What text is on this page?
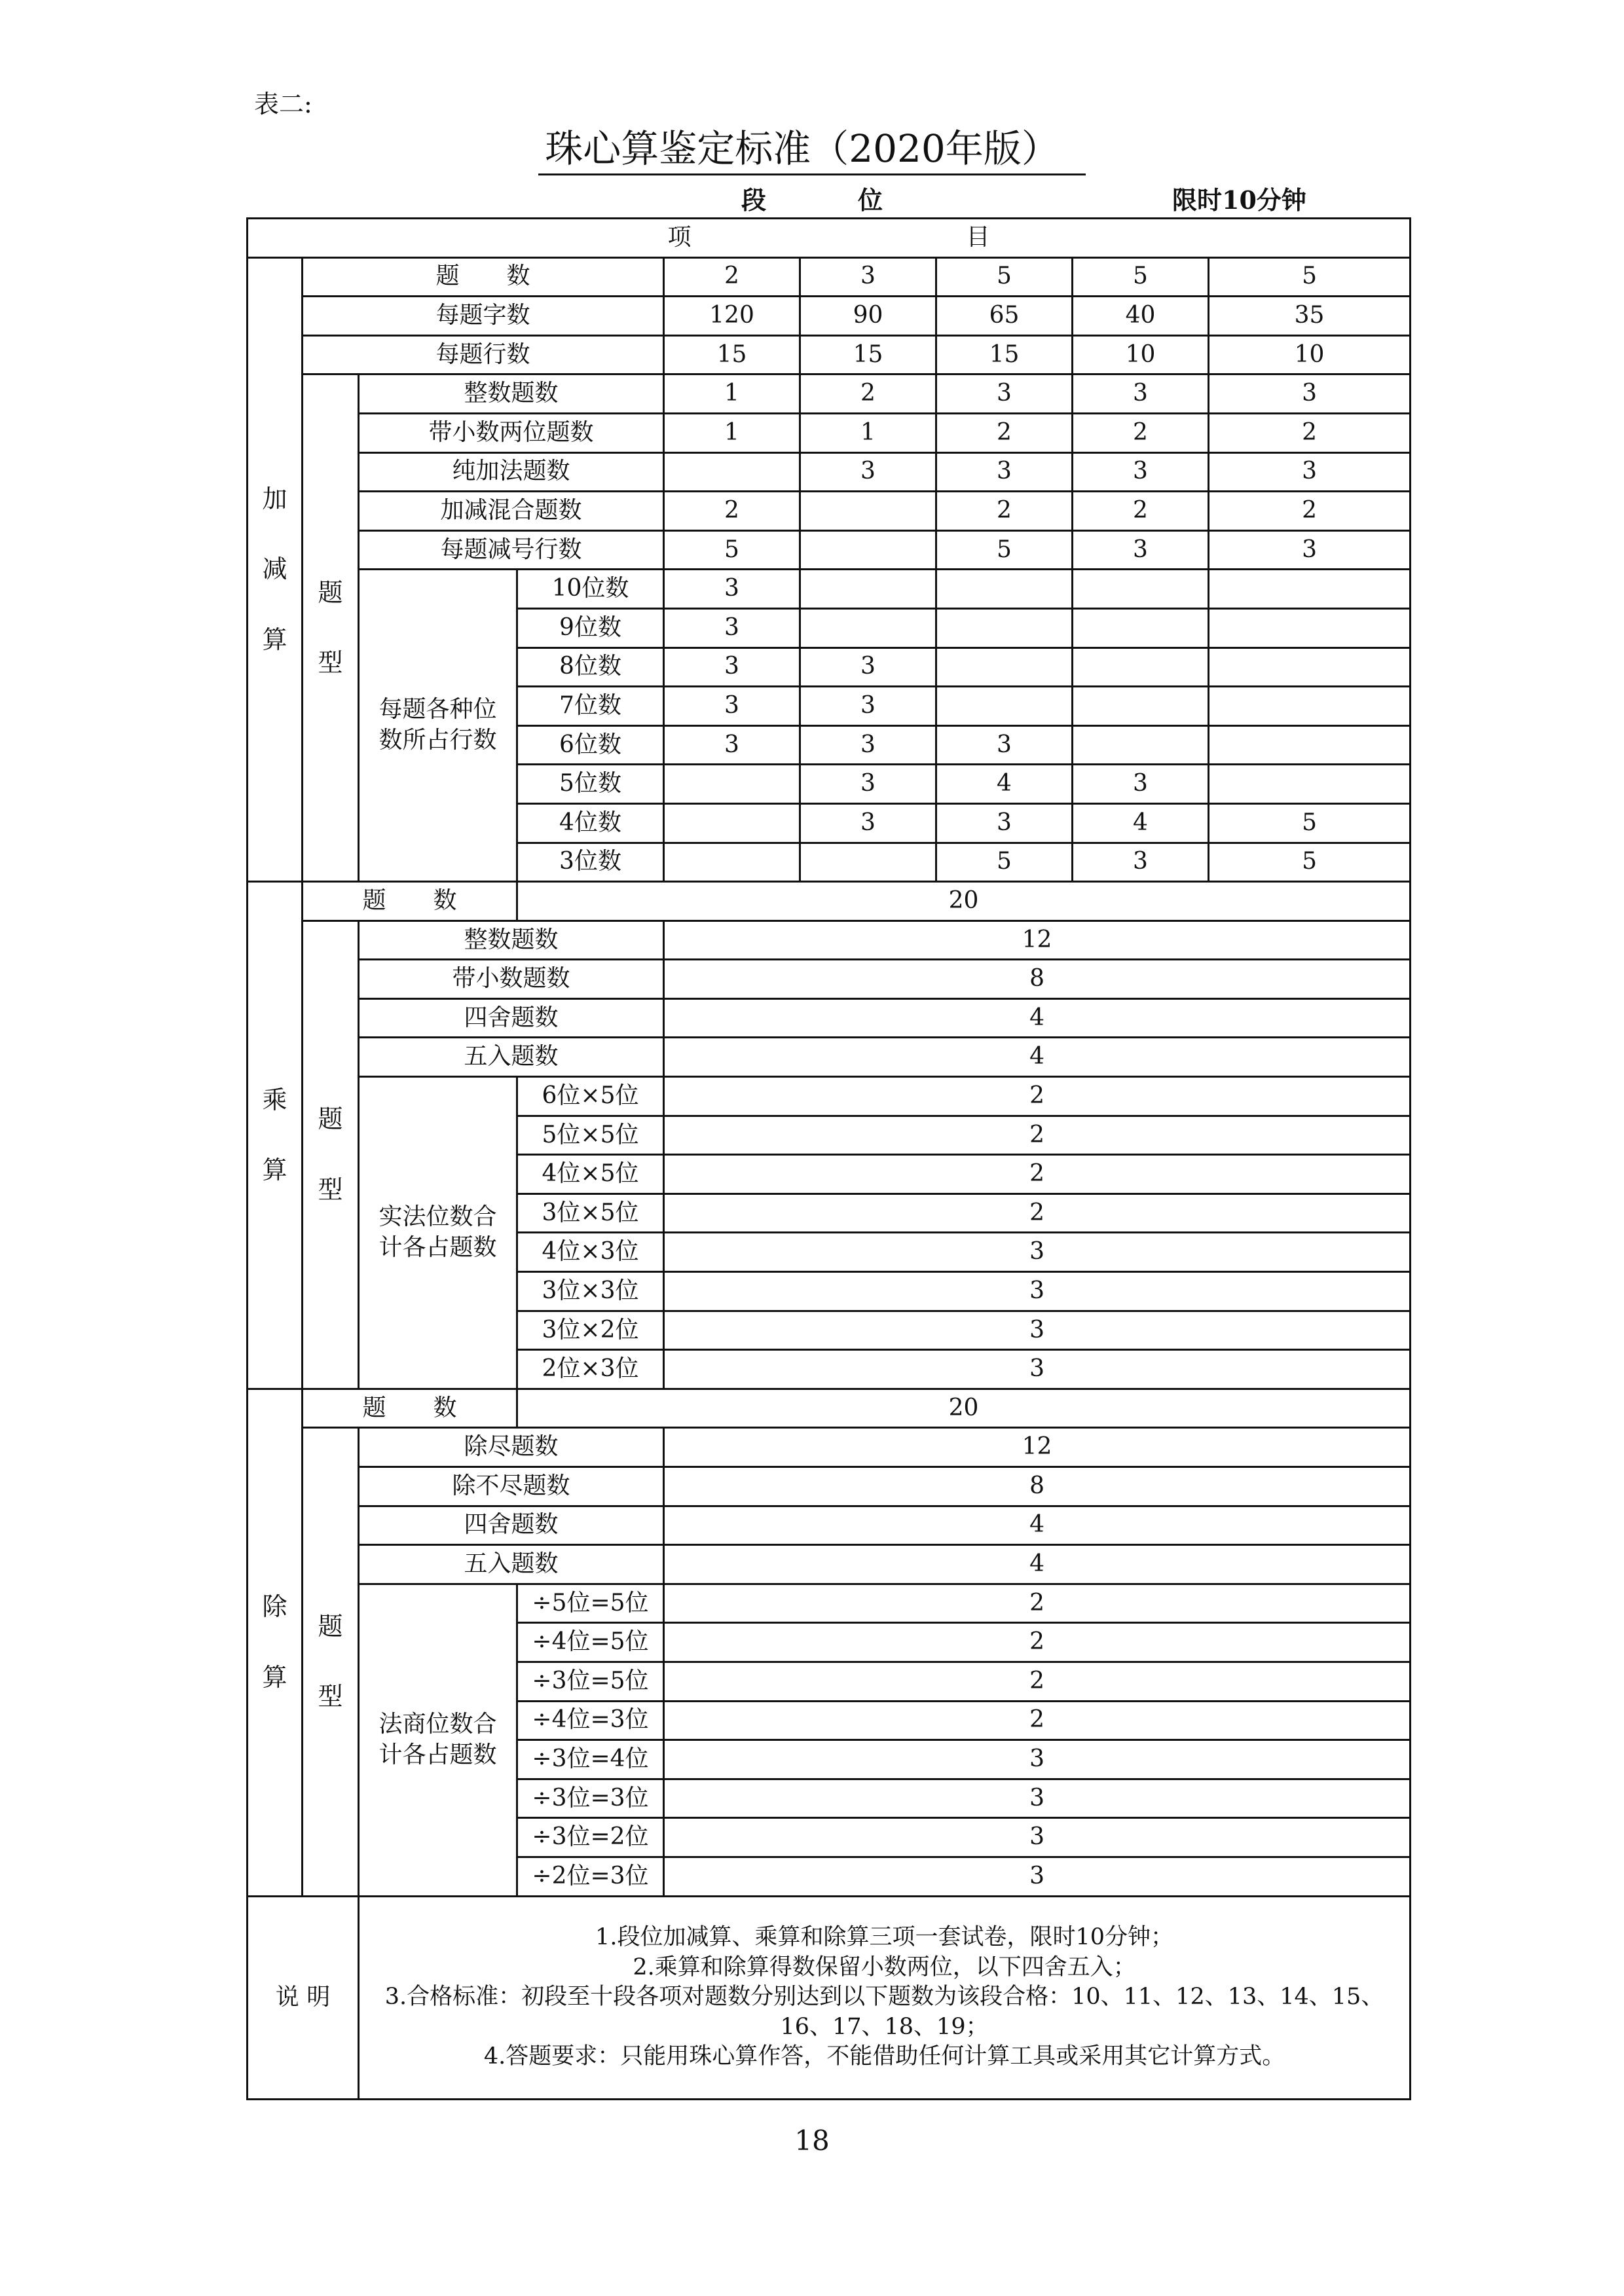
表二:
珠心算鉴定标准（2020年版）
段	位	限时10分钟
项 目								

加
减
算	题　　数			2	3	5	5	5
	每题字数			120	90	65	40	35
	每题行数			15	15	15	10	10

	题
型	整数题数		1	2	3	3	3
		带小数两位题数		1	1	2	2	2
		纯加法题数			3	3	3	3
		加减混合题数		2		2	2	2
		每题减号行数		5		5	3	3

		每题各种位
数所占行数	10位数	3				
			9位数	3				
			8位数	3	3			
			7位数	3	3			
			6位数	3	3	3		
			5位数		3	4	3	
			4位数		3	3	4	5
			3位数			5	3	5

乘
算	题　　数		20					

	题
型	整数题数		12				
		带小数题数		8				
		四舍题数		4				
		五入题数		4				

		实法位数合
计各占题数	6位×5位	2				
			5位×5位	2				
			4位×5位	2				
			3位×5位	2				
			4位×3位	3				
			3位×3位	3				
			3位×2位	3				
			2位×3位	3				

除
算	题　　数		20					

	题
型	除尽题数		12				
		除不尽题数		8				
		四舍题数		4				
		五入题数		4				

		法商位数合
计各占题数	÷5位=5位	2				
			÷4位=5位	2				
			÷3位=5位	2				
			÷4位=3位	2				
			÷3位=4位	3				
			÷3位=3位	3				
			÷3位=2位	3				
			÷2位=3位	3				
说 明		1.段位加减算、乘算和除算三项一套试卷，限时10分钟；
2.乘算和除算得数保留小数两位，以下四舍五入；
3.合格标准：初段至十段各项对题数分别达到以下题数为该段合格：10、11、12、13、14、15、16、17、18、19；
4.答题要求：只能用珠心算作答，不能借助任何计算工具或采用其它计算方式。						
18
